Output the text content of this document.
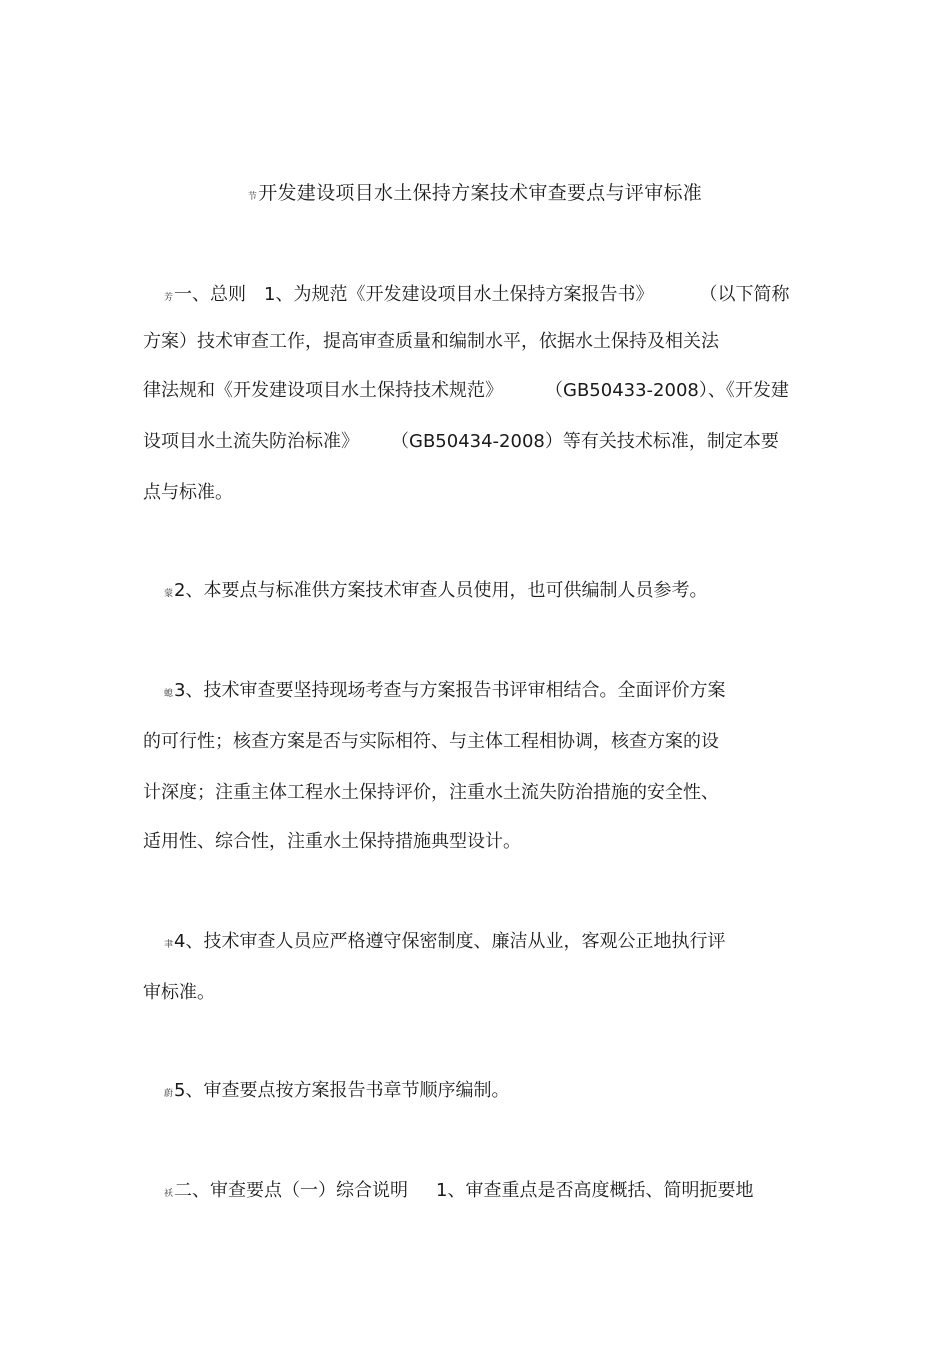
节开发建设项目水土保持方案技术审查要点与评审标准
芳一、总则 1、为规范《开发建设项目水土保持方案报告书》	（以下简称
方案）技术审查工作，提高审查质量和编制水平，依据水土保持及相关法
律法规和《开发建设项目水土保持技术规范》 （GB50433-2008）、《开发建
设项目水土流失防治标准》 （GB50434-2008）等有关技术标准，制定本要
点与标准。
蒙2、本要点与标准供方案技术审查人员使用，也可供编制人员参考。
螅3、技术审查要坚持现场考查与方案报告书评审相结合。全面评价方案
的可行性；核查方案是否与实际相符、与主体工程相协调，核查方案的设
计深度；注重主体工程水土保持评价，注重水土流失防治措施的安全性、
适用性、综合性，注重水土保持措施典型设计。
聿4、技术审查人员应严格遵守保密制度、廉洁从业，客观公正地执行评
审标准。
蔚5、审查要点按方案报告书章节顺序编制。
袄二、审查要点（一）综合说明 1、审查重点是否高度概括、简明扼要地
